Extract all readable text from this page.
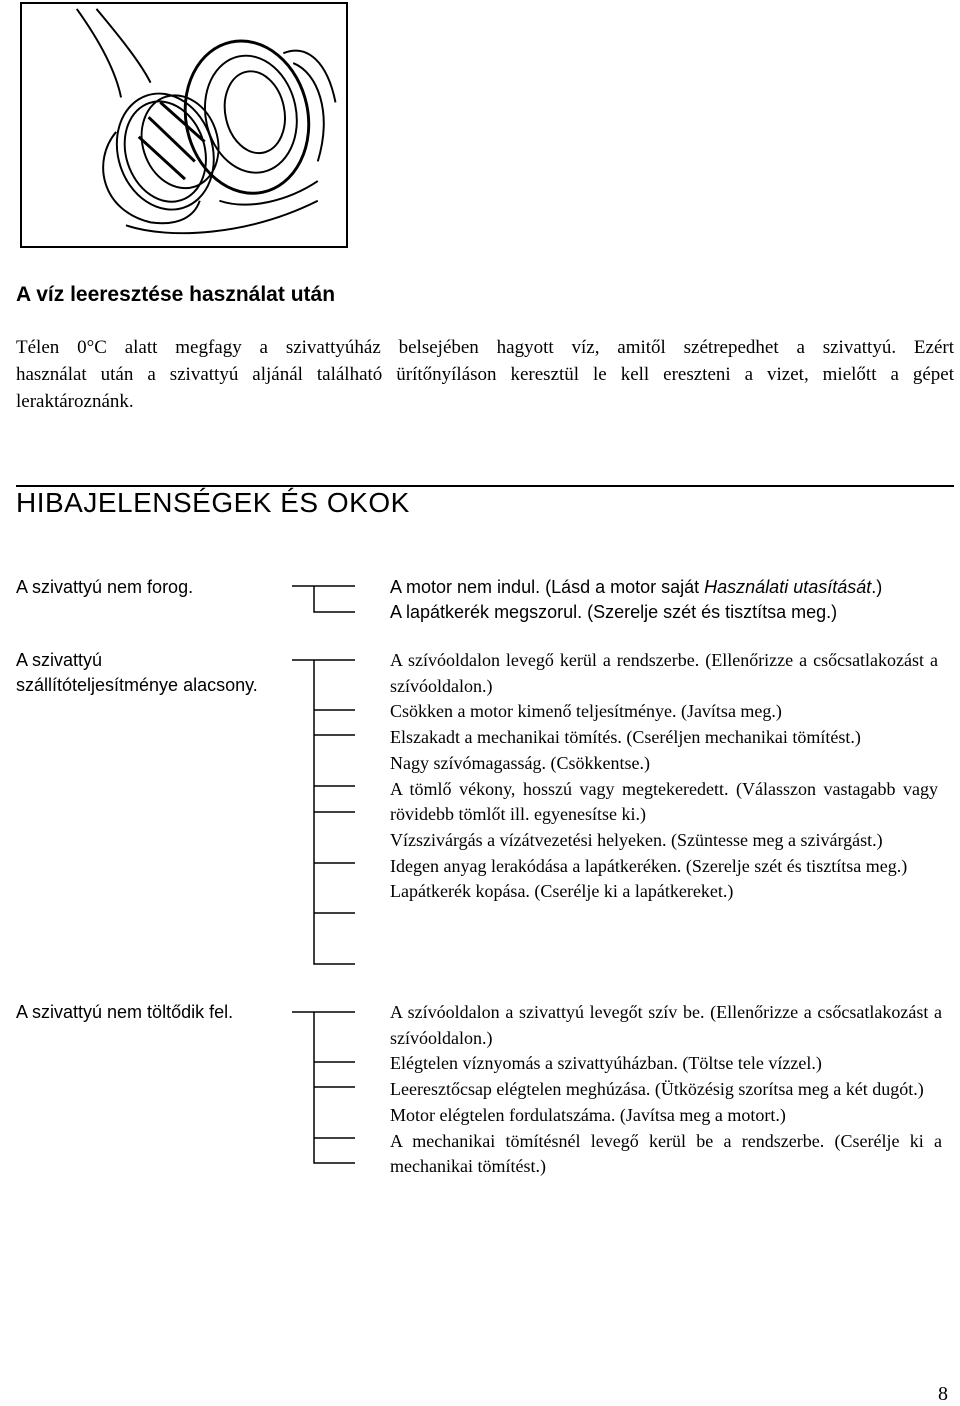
A víz leeresztése használat után
Télen 0°C alatt megfagy a szivattyúház belsejében hagyott víz, amitől szétrepedhet a szivattyú. Ezért
használat után a szivattyú aljánál található ürítőnyíláson keresztül le kell ereszteni a vizet, mielőtt a gépet
leraktároznánk.
HIBAJELENSÉGEK ÉS OKOK
A szivattyú nem forog.	A motor nem indul. (Lásd a motor saját Használati utasítását.)
A lapátkerék megszorul. (Szerelje szét és tisztítsa meg.)
A szivattyú szállítóteljesítménye alacsony.
A szívóoldalon levegő kerül a rendszerbe. (Ellenőrizze a csőcsatlakozást a szívóoldalon.)
Csökken a motor kimenő teljesítménye. (Javítsa meg.)
Elszakadt a mechanikai tömítés. (Cseréljen mechanikai tömítést.)
Nagy szívómagasság. (Csökkentse.)
A tömlő vékony, hosszú vagy megtekeredett. (Válasszon vastagabb vagy rövidebb tömlőt ill. egyenesítse ki.)
Vízszivárgás a vízátvezetési helyeken. (Szüntesse meg a szivárgást.)
Idegen anyag lerakódása a lapátkeréken. (Szerelje szét és tisztítsa meg.)
Lapátkerék kopása. (Cserélje ki a lapátkereket.)
A szivattyú nem töltődik fel.	A szívóoldalon a szivattyú levegőt szív be. (Ellenőrizze a csőcsatlakozást a szívóoldalon.)
Elégtelen víznyomás a szivattyúházban. (Töltse tele vízzel.)
Leeresztőcsap elégtelen meghúzása. (Ütközésig szorítsa meg a két dugót.)
Motor elégtelen fordulatszáma. (Javítsa meg a motort.)
A mechanikai tömítésnél levegő kerül be a rendszerbe. (Cserélje ki a mechanikai tömítést.)
8
